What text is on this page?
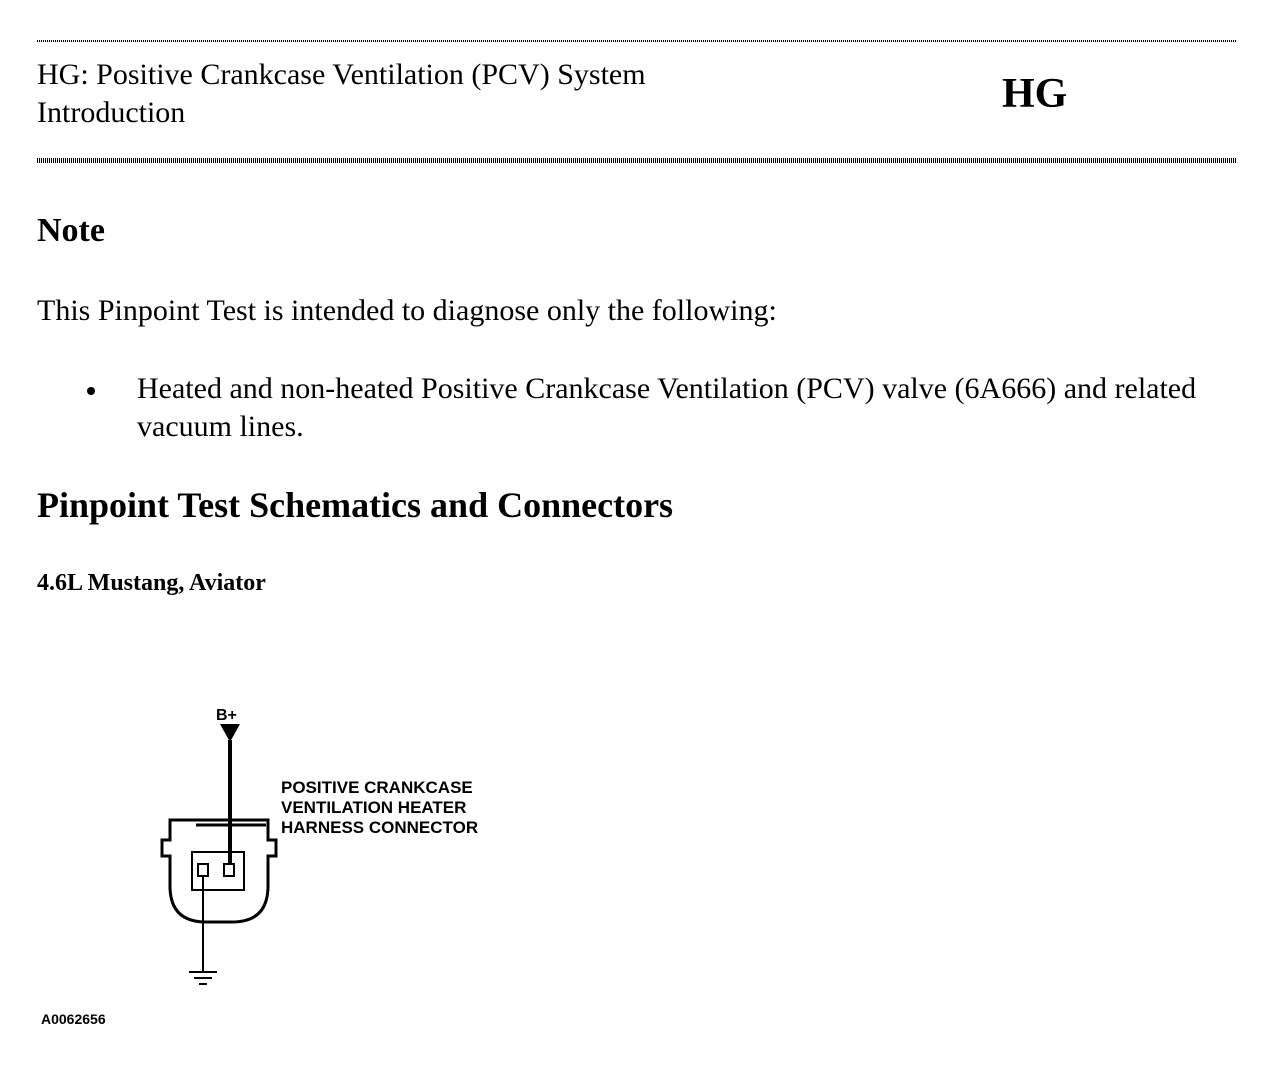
HG: Positive Crankcase Ventilation (PCV) System
Introduction	HG
Note
This Pinpoint Test is intended to diagnose only the following:
Heated and non-heated Positive Crankcase Ventilation (PCV) valve (6A666) and related vacuum lines.
Pinpoint Test Schematics and Connectors
4.6L Mustang, Aviator
B+
POSITIVE CRANKCASE
VENTILATION HEATER
HARNESS CONNECTOR
A0062656
